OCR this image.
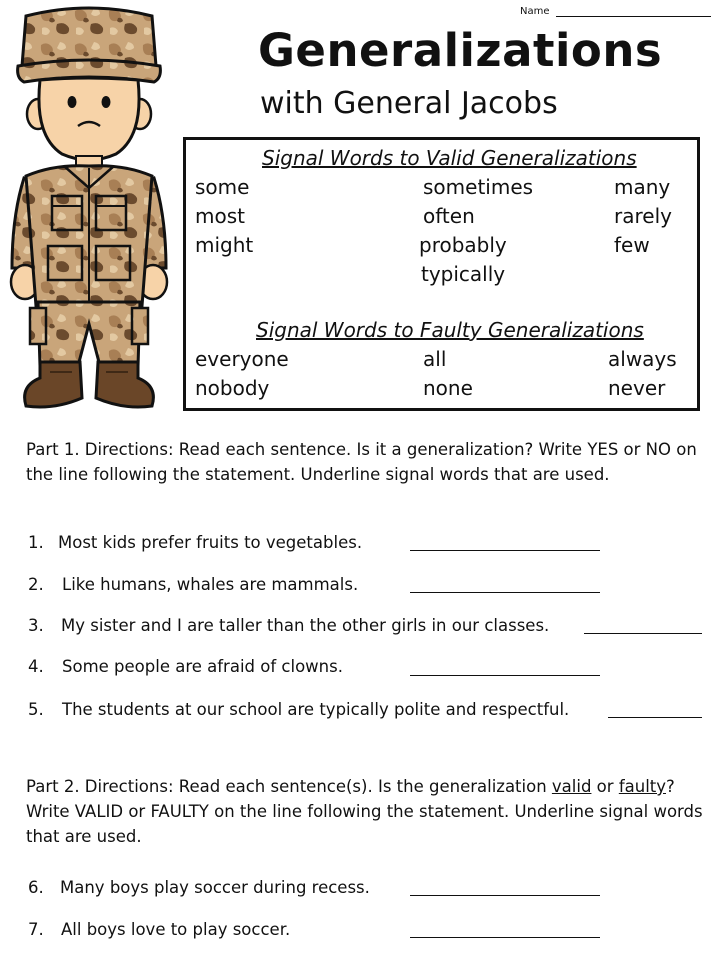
Name
Generalizations
with General Jacobs
Signal Words to Valid Generalizations
some
most
might
sometimes
often
probably
typically
many
rarely
few
Signal Words to Faulty Generalizations
everyone
nobody
all
none
always
never
Part 1. Directions: Read each sentence. Is it a generalization? Write YES or NO on the line following the statement. Underline signal words that are used.
1. Most kids prefer fruits to vegetables.
2. Like humans, whales are mammals.
3. My sister and I are taller than the other girls in our classes.
4. Some people are afraid of clowns.
5. The students at our school are typically polite and respectful.
Part 2. Directions: Read each sentence(s). Is the generalization valid or faulty? Write VALID or FAULTY on the line following the statement. Underline signal words that are used.
6. Many boys play soccer during recess.
7. All boys love to play soccer.
